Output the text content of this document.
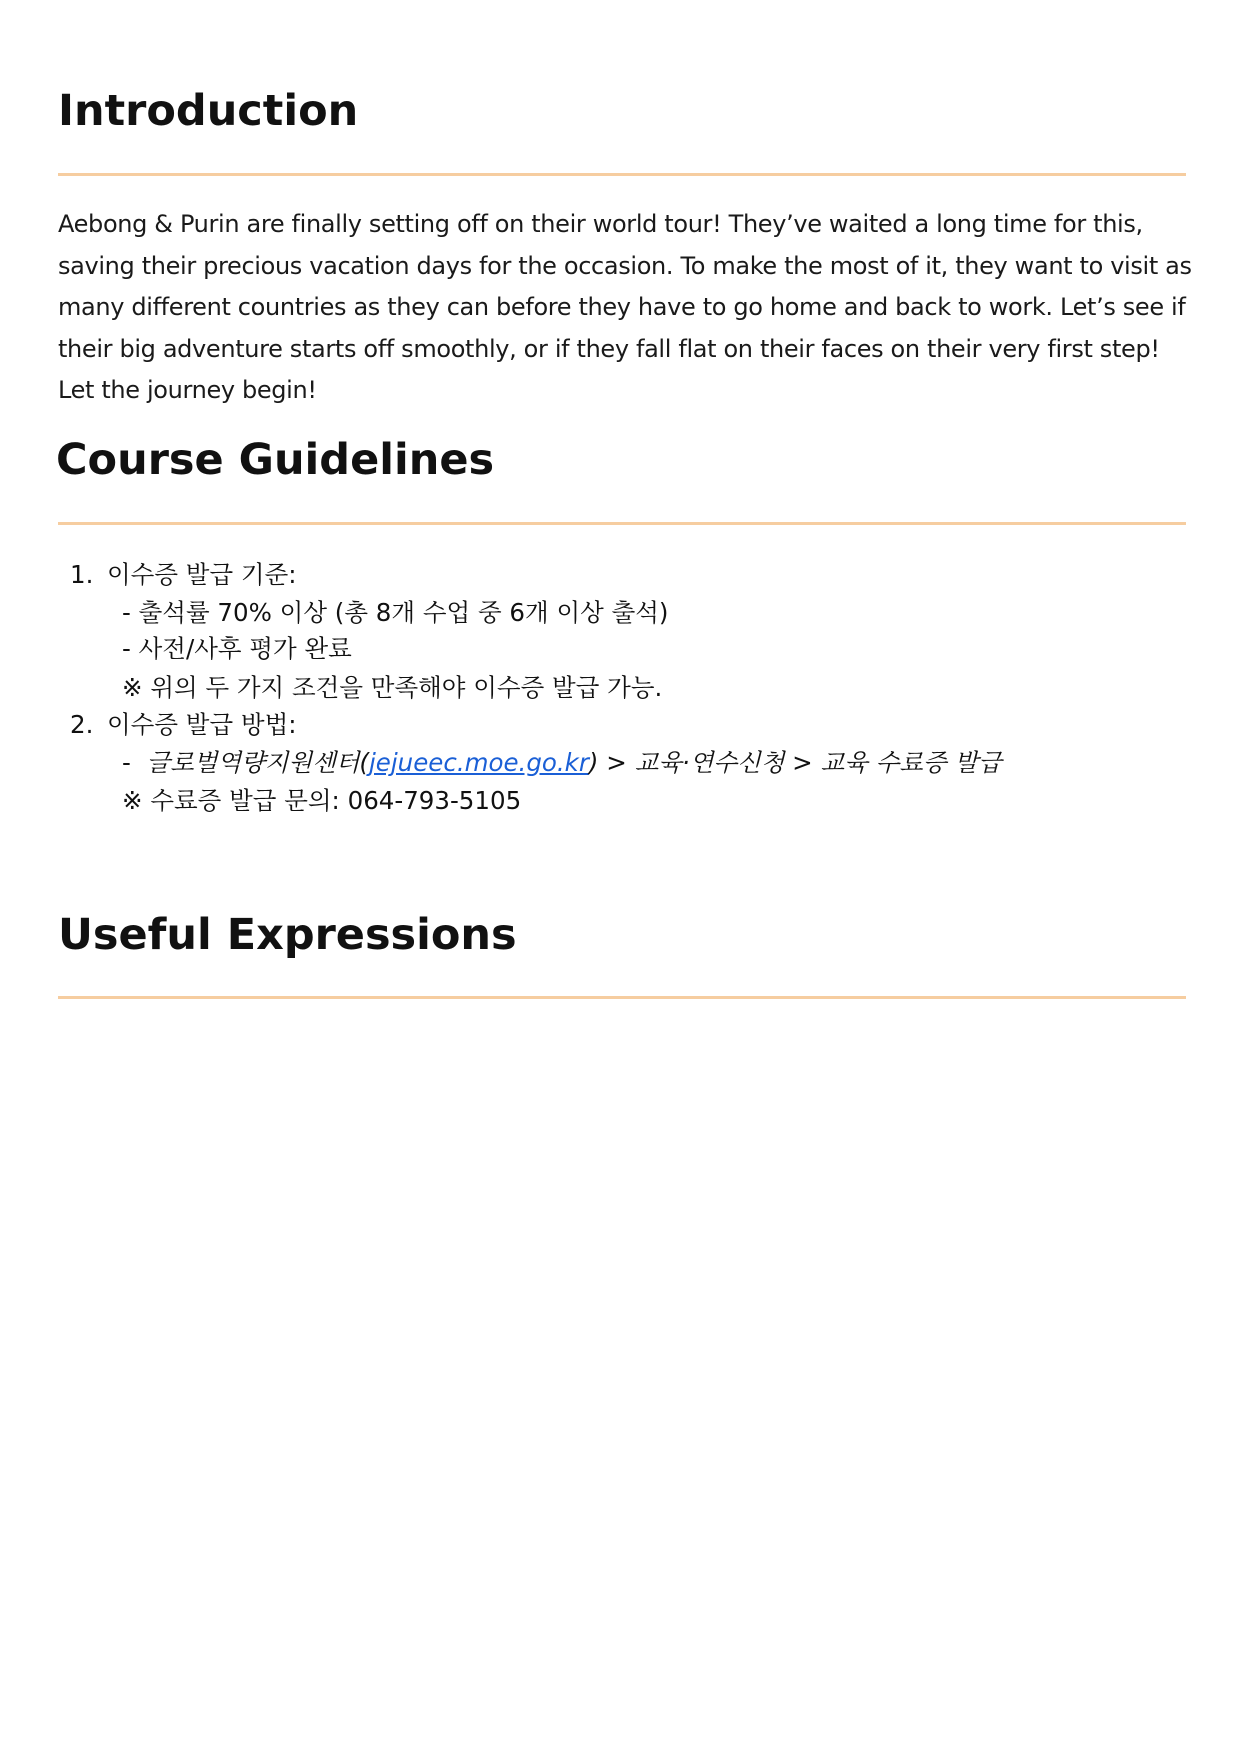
Introduction

Aebong & Purin are finally setting off on their world tour! They’ve waited a long time for this, saving their precious vacation days for the occasion. To make the most of it, they want to visit as many different countries as they can before they have to go home and back to work. Let’s see if their big adventure starts off smoothly, or if they fall flat on their faces on their very first step! Let the journey begin!

Course Guidelines
1. 이수증 발급 기준:
- 출석률 70% 이상 (총 8개 수업 중 6개 이상 출석)
- 사전/사후 평가 완료
※ 위의 두 가지 조건을 만족해야 이수증 발급 가능.
2. 이수증 발급 방법:
- 글로벌역량지원센터(jejueec.moe.go.kr) > 교육·연수신청 > 교육 수료증 발급
※ 수료증 발급 문의: 064-793-5105
Useful Expressions
